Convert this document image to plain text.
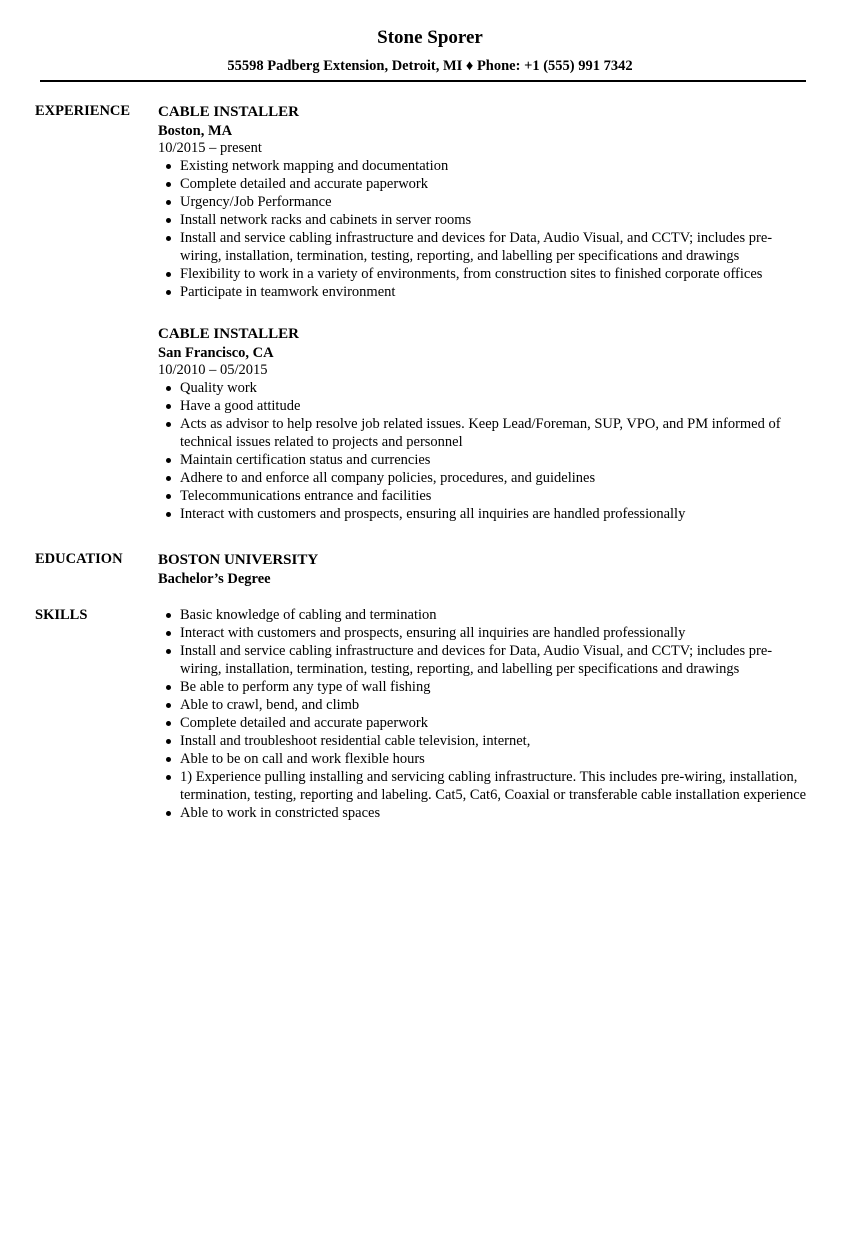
Stone Sporer
55598 Padberg Extension, Detroit, MI ♦ Phone: +1 (555) 991 7342
EXPERIENCE	CABLE INSTALLER
Boston, MA
10/2015 – present
Existing network mapping and documentation
Complete detailed and accurate paperwork
Urgency/Job Performance
Install network racks and cabinets in server rooms
Install and service cabling infrastructure and devices for Data, Audio Visual, and CCTV; includes pre-wiring, installation, termination, testing, reporting, and labelling per specifications and drawings
Flexibility to work in a variety of environments, from construction sites to finished corporate offices
Participate in teamwork environment
CABLE INSTALLER
San Francisco, CA
10/2010 – 05/2015
Quality work
Have a good attitude
Acts as advisor to help resolve job related issues. Keep Lead/Foreman, SUP, VPO, and PM informed of technical issues related to projects and personnel
Maintain certification status and currencies
Adhere to and enforce all company policies, procedures, and guidelines
Telecommunications entrance and facilities
Interact with customers and prospects, ensuring all inquiries are handled professionally
EDUCATION	BOSTON UNIVERSITY
Bachelor’s Degree
SKILLS	Basic knowledge of cabling and termination
Interact with customers and prospects, ensuring all inquiries are handled professionally
Install and service cabling infrastructure and devices for Data, Audio Visual, and CCTV; includes pre-wiring, installation, termination, testing, reporting, and labelling per specifications and drawings
Be able to perform any type of wall fishing
Able to crawl, bend, and climb
Complete detailed and accurate paperwork
Install and troubleshoot residential cable television, internet,
Able to be on call and work flexible hours
1) Experience pulling installing and servicing cabling infrastructure. This includes pre-wiring, installation, termination, testing, reporting and labeling. Cat5, Cat6, Coaxial or transferable cable installation experience
Able to work in constricted spaces
